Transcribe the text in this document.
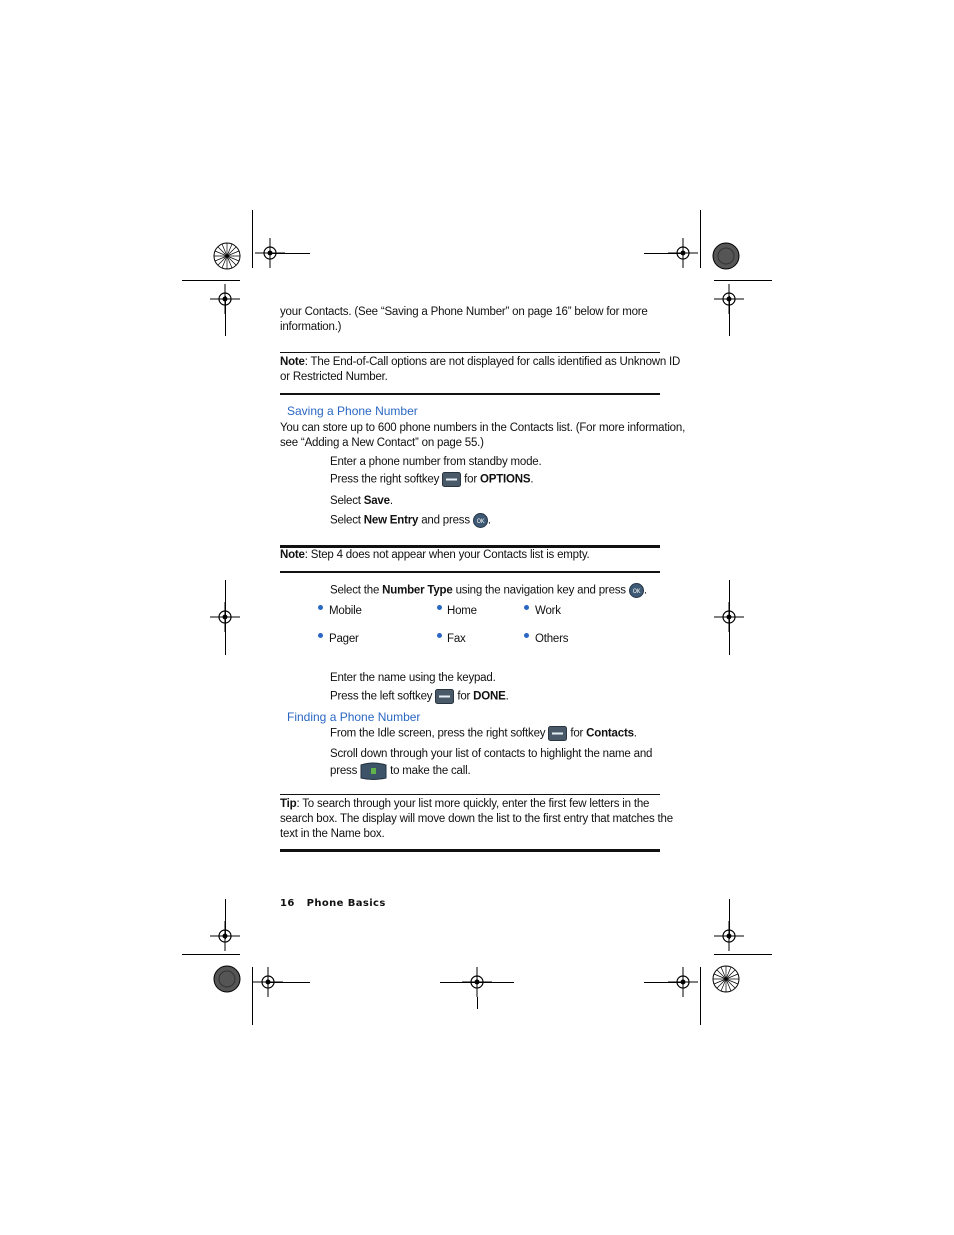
your Contacts. (See “Saving a Phone Number” on page 16” below for more
information.)
Note: The End-of-Call options are not displayed for calls identified as Unknown ID
or Restricted Number.
Saving a Phone Number
You can store up to 600 phone numbers in the Contacts list. (For more information,
see “Adding a New Contact” on page 55.)
Enter a phone number from standby mode.
Press the right softkey  for OPTIONS.
Select Save.
Select New Entry and press OK .
Note: Step 4 does not appear when your Contacts list is empty.
Select the Number Type using the navigation key and press OK .
Mobile	Home	Work
Pager	Fax	Others
Enter the name using the keypad.
Press the left softkey  for DONE.
Finding a Phone Number
From the Idle screen, press the right softkey  for Contacts.
Scroll down through your list of contacts to highlight the name and
press	to make the call.
Tip: To search through your list more quickly, enter the first few letters in the
search box. The display will move down the list to the first entry that matches the
text in the Name box.
16 Phone Basics
